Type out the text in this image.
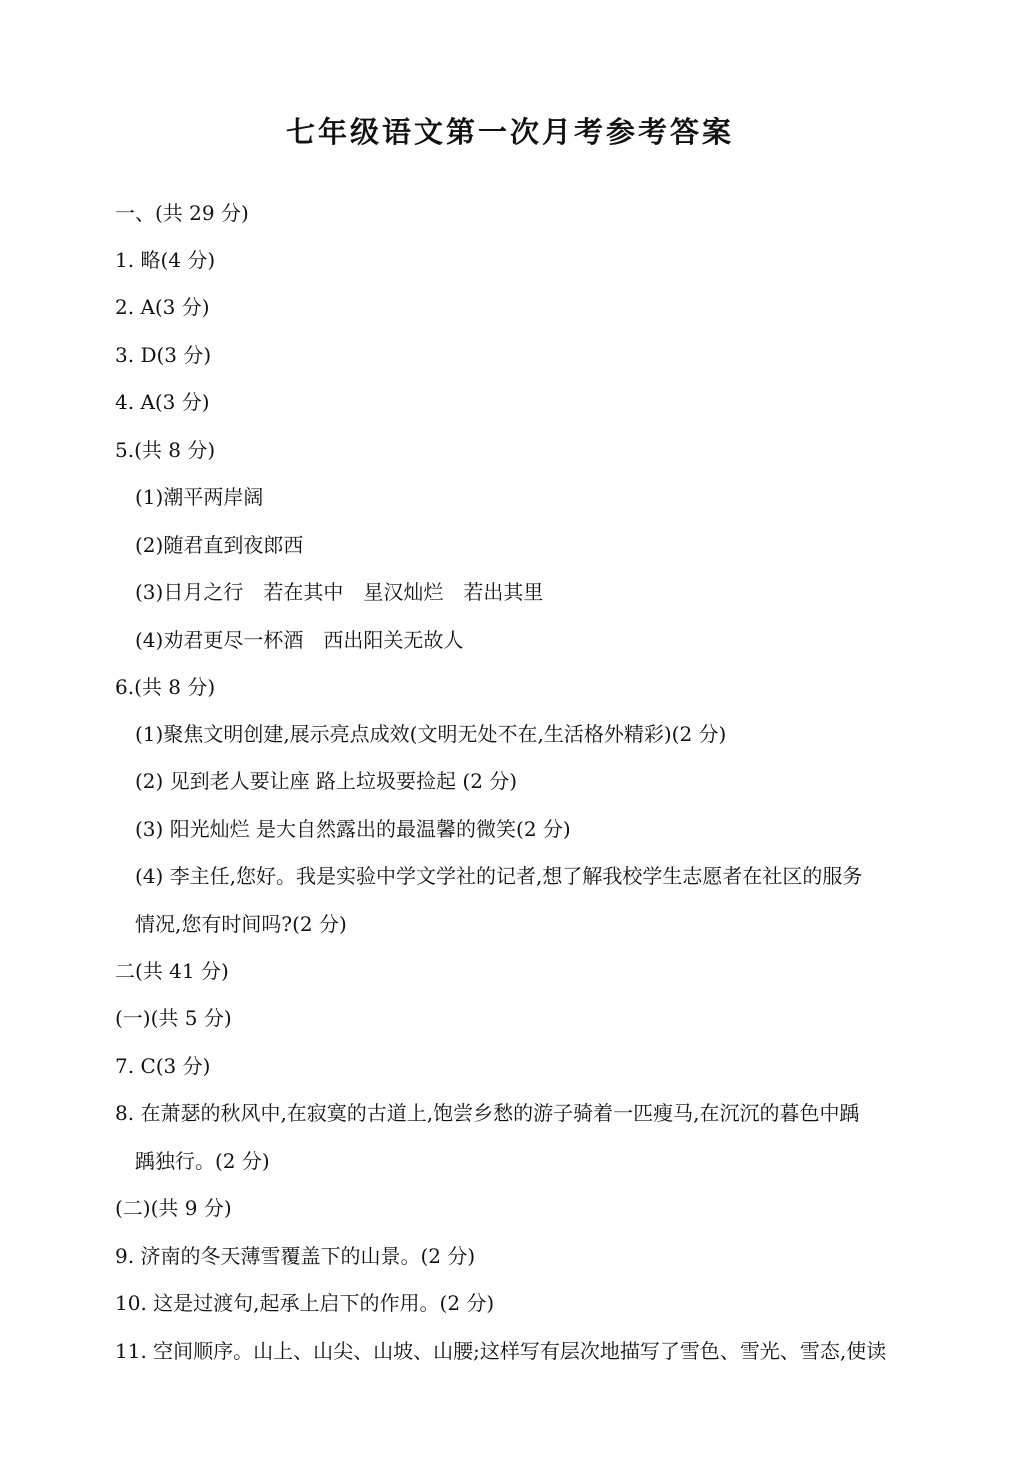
七年级语文第一次月考参考答案
一、(共 29 分)
1. 略(4 分)
2. A(3 分)
3. D(3 分)
4. A(3 分)
5.(共 8 分)
(1)潮平两岸阔
(2)随君直到夜郎西
(3)日月之行　若在其中　星汉灿烂　若出其里
(4)劝君更尽一杯酒　西出阳关无故人
6.(共 8 分)
(1)聚焦文明创建,展示亮点成效(文明无处不在,生活格外精彩)(2 分)
(2) 见到老人要让座 路上垃圾要捡起 (2 分)
(3) 阳光灿烂 是大自然露出的最温馨的微笑(2 分)
(4) 李主任,您好。我是实验中学文学社的记者,想了解我校学生志愿者在社区的服务
情况,您有时间吗?(2 分)
二(共 41 分)
(一)(共 5 分)
7. C(3 分)
8. 在萧瑟的秋风中,在寂寞的古道上,饱尝乡愁的游子骑着一匹瘦马,在沉沉的暮色中踽
踽独行。(2 分)
(二)(共 9 分)
9. 济南的冬天薄雪覆盖下的山景。(2 分)
10. 这是过渡句,起承上启下的作用。(2 分)
11. 空间顺序。山上、山尖、山坡、山腰;这样写有层次地描写了雪色、雪光、雪态,使读
